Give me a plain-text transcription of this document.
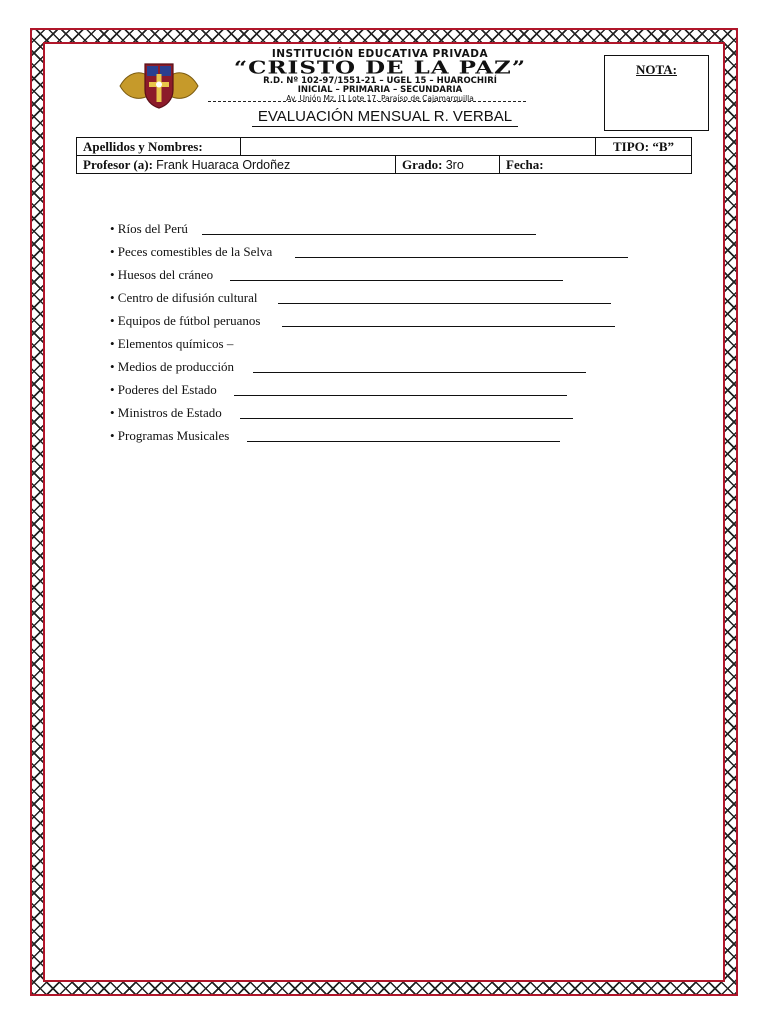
INSTITUCIÓN EDUCATIVA PRIVADA
“CRISTO DE LA PAZ”
R.D. Nº 102-97/1551-21 – UGEL 15 – HUAROCHIRÍ
INICIAL – PRIMARIA – SECUNDARIA
Av. Unión Mz. I1 Lote 17. Paraíso de Cajamarquilla
EVALUACIÓN MENSUAL R. VERBAL
NOTA:
Apellidos y Nombres:				TIPO: “B”
Profesor (a): Frank Huaraca Ordoñez		Grado: 3ro	Fecha:	
• Ríos del Perú
• Peces comestibles de la Selva
• Huesos del cráneo
• Centro de difusión cultural
• Equipos de fútbol peruanos
• Elementos químicos –
• Medios de producción
• Poderes del Estado
• Ministros de Estado
• Programas Musicales
